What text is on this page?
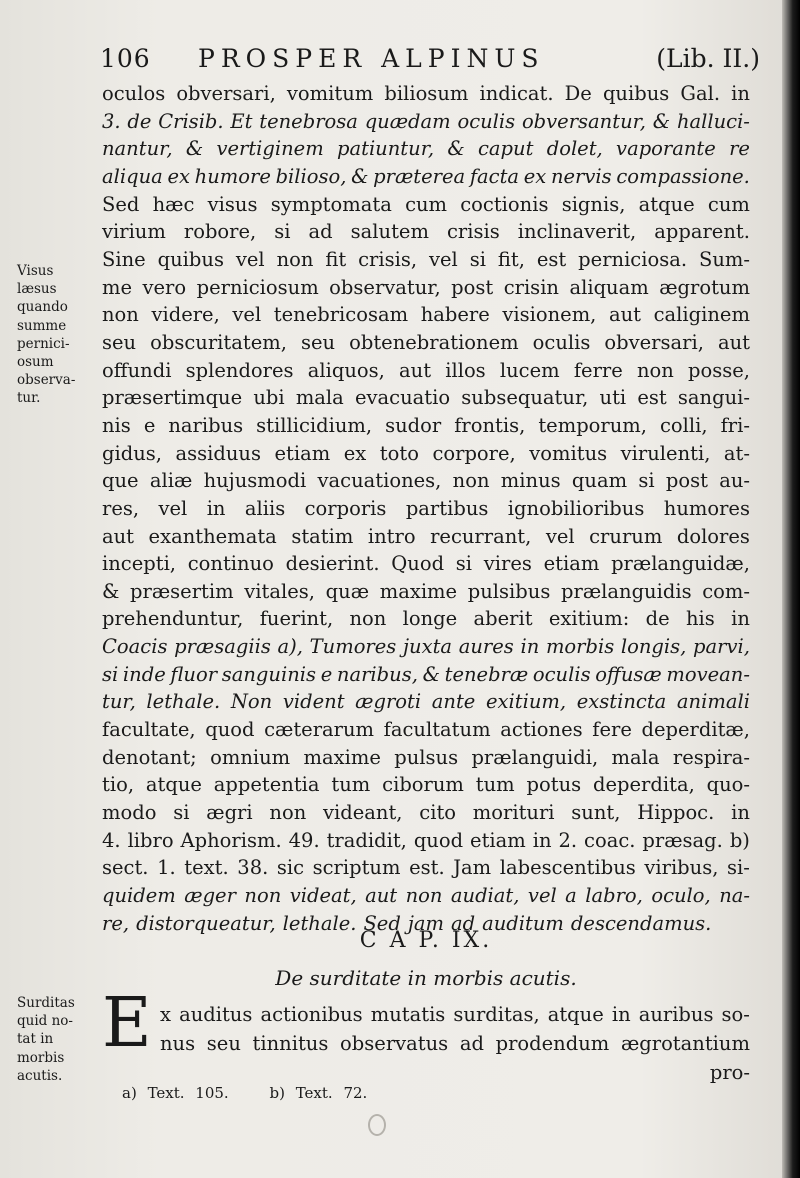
106 PROSPER ALPINUS	(Lib. II.)
oculos obversari, vomitum biliosum indicat. De quibus Gal. in
3. de Crisib. Et tenebrosa quædam oculis obversantur, & halluci-
nantur, & vertiginem patiuntur, & caput dolet, vaporante re
aliqua ex humore bilioso, & præterea facta ex nervis compassione.
Sed hæc visus symptomata cum coctionis signis, atque cum
virium robore, si ad salutem crisis inclinaverit, apparent.
Sine quibus vel non fit crisis, vel si fit, est perniciosa. Sum-
me vero perniciosum observatur, post crisin aliquam ægrotum
non videre, vel tenebricosam habere visionem, aut caliginem
seu obscuritatem, seu obtenebrationem oculis obversari, aut
offundi splendores aliquos, aut illos lucem ferre non posse,
præsertimque ubi mala evacuatio subsequatur, uti est sangui-
nis e naribus stillicidium, sudor frontis, temporum, colli, fri-
gidus, assiduus etiam ex toto corpore, vomitus virulenti, at-
que aliæ hujusmodi vacuationes, non minus quam si post au-
res, vel in aliis corporis partibus ignobilioribus humores
aut exanthemata statim intro recurrant, vel crurum dolores
incepti, continuo desierint. Quod si vires etiam prælanguidæ,
& præsertim vitales, quæ maxime pulsibus prælanguidis com-
prehenduntur, fuerint, non longe aberit exitium: de his in
Coacis præsagiis a), Tumores juxta aures in morbis longis, parvi,
si inde fluor sanguinis e naribus, & tenebræ oculis offusæ movean-
tur, lethale. Non vident ægroti ante exitium, exstincta animali
facultate, quod cæterarum facultatum actiones fere deperditæ,
denotant; omnium maxime pulsus prælanguidi, mala respira-
tio, atque appetentia tum ciborum tum potus deperdita, quo-
modo si ægri non videant, cito morituri sunt, Hippoc. in
4. libro Aphorism. 49. tradidit, quod etiam in 2. coac. præsag. b)
sect. 1. text. 38. sic scriptum est. Jam labescentibus viribus, si-
quidem æger non videat, aut non audiat, vel a labro, oculo, na-
re, distorqueatur, lethale. Sed jam ad auditum descendamus.
Visus
læsus
quando
summe
pernici-
osum
observa-
tur.
C A P. IX.
De surditate in morbis acutis.
E x auditus actionibus mutatis surditas, atque in auribus so-
nus seu tinnitus observatus ad prodendum ægrotantium
pro-
Surditas
quid no-
tat in
morbis
acutis.
a) Text. 105.	b) Text. 72.
